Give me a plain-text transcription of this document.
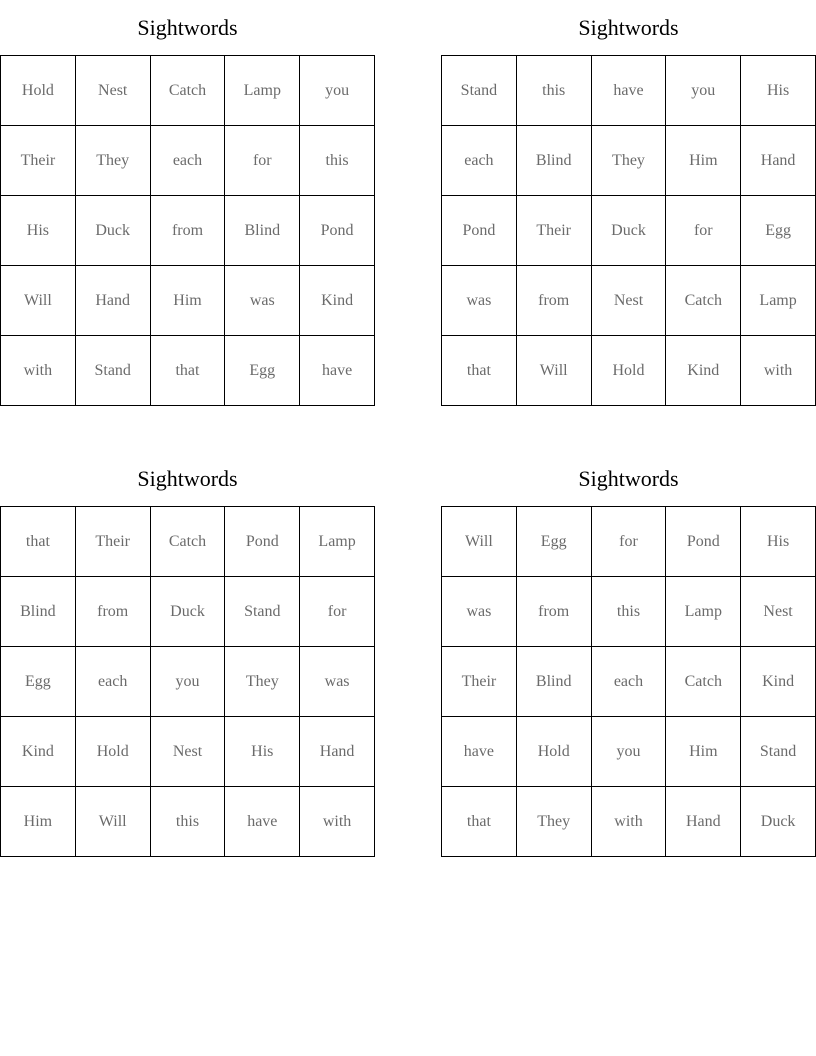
Sightwords
Hold	Nest	Catch	Lamp	you
Their	They	each	for	this
His	Duck	from	Blind	Pond
Will	Hand	Him	was	Kind
with	Stand	that	Egg	have
Sightwords
Stand	this	have	you	His
each	Blind	They	Him	Hand
Pond	Their	Duck	for	Egg
was	from	Nest	Catch	Lamp
that	Will	Hold	Kind	with
Sightwords
that	Their	Catch	Pond	Lamp
Blind	from	Duck	Stand	for
Egg	each	you	They	was
Kind	Hold	Nest	His	Hand
Him	Will	this	have	with
Sightwords
Will	Egg	for	Pond	His
was	from	this	Lamp	Nest
Their	Blind	each	Catch	Kind
have	Hold	you	Him	Stand
that	They	with	Hand	Duck
